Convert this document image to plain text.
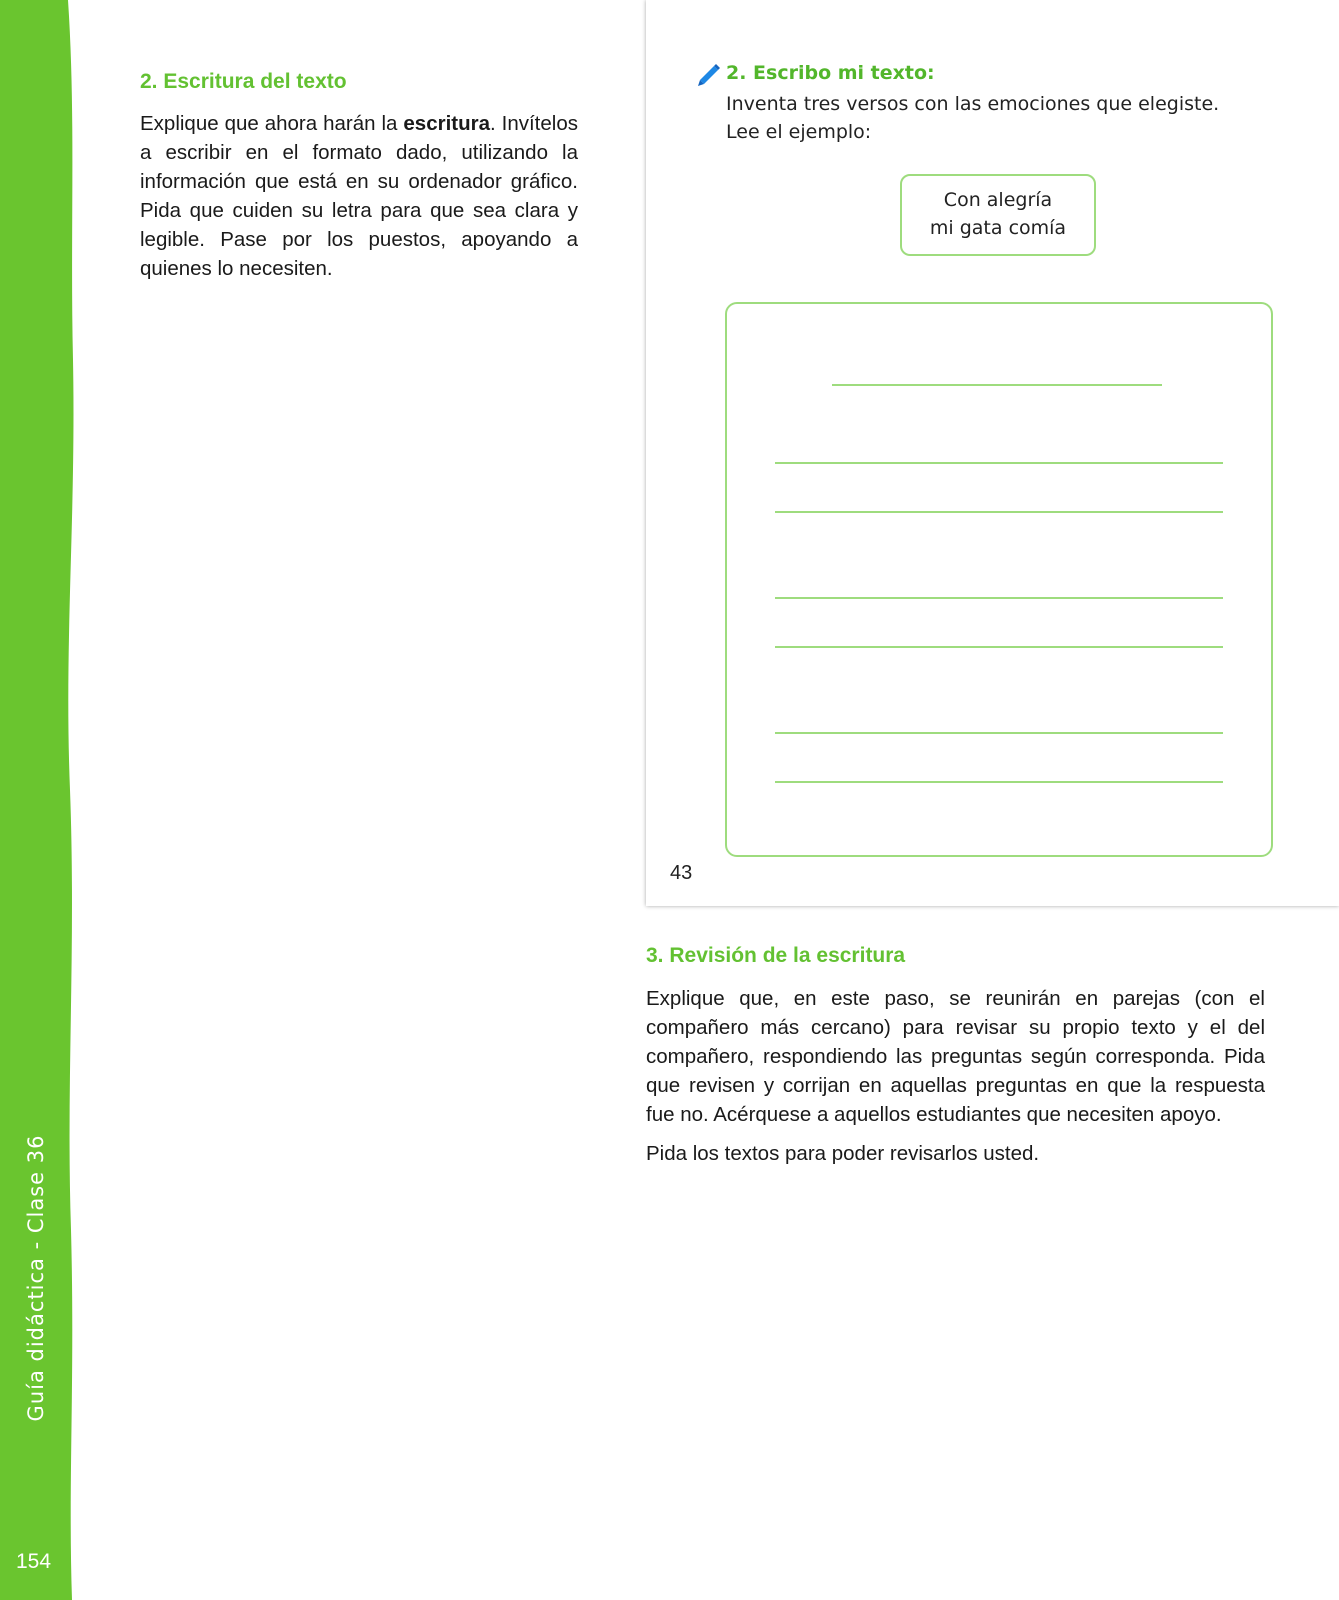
Guía didáctica - Clase 36
154
2. Escritura del texto

Explique que ahora harán la escritura. Invítelos a escribir en el formato dado, utilizando la información que está en su ordenador gráfico. Pida que cuiden su letra para que sea clara y legible. Pase por los puestos, apoyando a quienes lo necesiten.

2. Escribo mi texto:
Inventa tres versos con las emociones que elegiste.
Lee el ejemplo:
Con alegría
mi gata comía
43
3. Revisión de la escritura

Explique que, en este paso, se reunirán en parejas (con el compañero más cercano) para revisar su propio texto y el del compañero, respondiendo las preguntas según corresponda. Pida que revisen y corrijan en aquellas preguntas en que la respuesta fue no. Acérquese a aquellos estudiantes que necesiten apoyo.

Pida los textos para poder revisarlos usted.
